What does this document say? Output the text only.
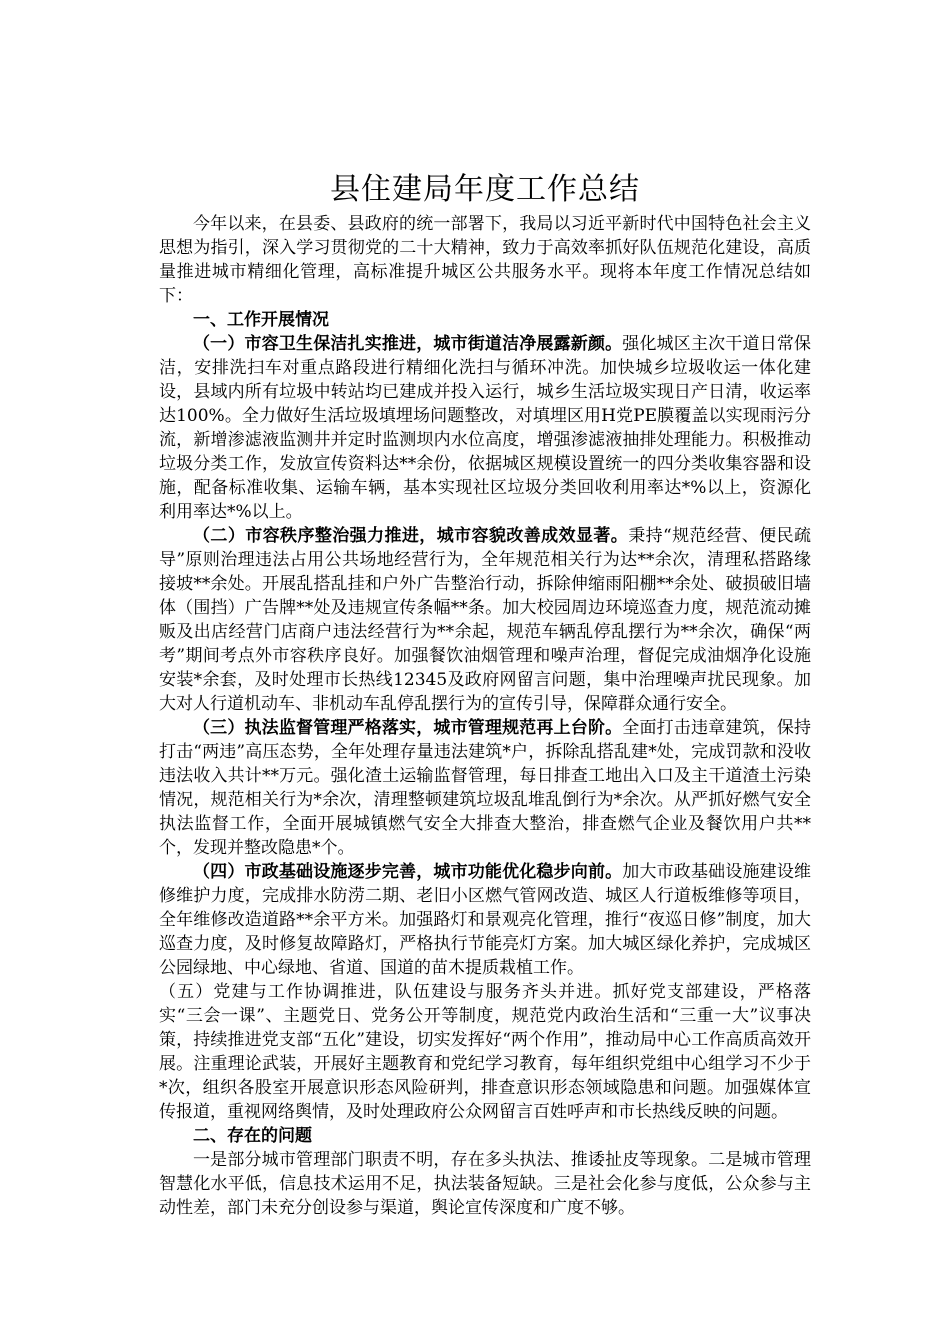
县住建局年度工作总结

今年以来，在县委、县政府的统一部署下，我局以习近平新时代中国特色社会主义思想为指引，深入学习贯彻党的二十大精神，致力于高效率抓好队伍规范化建设，高质量推进城市精细化管理，高标准提升城区公共服务水平。现将本年度工作情况总结如下：

一、工作开展情况

（一）市容卫生保洁扎实推进，城市街道洁净展露新颜。强化城区主次干道日常保洁，安排洗扫车对重点路段进行精细化洗扫与循环冲洗。加快城乡垃圾收运一体化建设，县域内所有垃圾中转站均已建成并投入运行，城乡生活垃圾实现日产日清，收运率达100%。全力做好生活垃圾填埋场问题整改，对填埋区用H党PE膜覆盖以实现雨污分流，新增渗滤液监测井并定时监测坝内水位高度，增强渗滤液抽排处理能力。积极推动垃圾分类工作，发放宣传资料达**余份，依据城区规模设置统一的四分类收集容器和设施，配备标准收集、运输车辆，基本实现社区垃圾分类回收利用率达*%以上，资源化利用率达*%以上。

（二）市容秩序整治强力推进，城市容貌改善成效显著。秉持“规范经营、便民疏导”原则治理违法占用公共场地经营行为，全年规范相关行为达**余次，清理私搭路缘接坡**余处。开展乱搭乱挂和户外广告整治行动，拆除伸缩雨阳棚**余处、破损破旧墙体（围挡）广告牌**处及违规宣传条幅**条。加大校园周边环境巡查力度，规范流动摊贩及出店经营门店商户违法经营行为**余起，规范车辆乱停乱摆行为**余次，确保“两考”期间考点外市容秩序良好。加强餐饮油烟管理和噪声治理，督促完成油烟净化设施安装*余套，及时处理市长热线12345及政府网留言问题，集中治理噪声扰民现象。加大对人行道机动车、非机动车乱停乱摆行为的宣传引导，保障群众通行安全。

（三）执法监督管理严格落实，城市管理规范再上台阶。全面打击违章建筑，保持打击“两违”高压态势，全年处理存量违法建筑*户，拆除乱搭乱建*处，完成罚款和没收违法收入共计**万元。强化渣土运输监督管理，每日排查工地出入口及主干道渣土污染情况，规范相关行为*余次，清理整顿建筑垃圾乱堆乱倒行为*余次。从严抓好燃气安全执法监督工作，全面开展城镇燃气安全大排查大整治，排查燃气企业及餐饮用户共**个，发现并整改隐患*个。

（四）市政基础设施逐步完善，城市功能优化稳步向前。加大市政基础设施建设维修维护力度，完成排水防涝二期、老旧小区燃气管网改造、城区人行道板维修等项目，全年维修改造道路**余平方米。加强路灯和景观亮化管理，推行“夜巡日修”制度，加大巡查力度，及时修复故障路灯，严格执行节能亮灯方案。加大城区绿化养护，完成城区公园绿地、中心绿地、省道、国道的苗木提质栽植工作。

（五）党建与工作协调推进，队伍建设与服务齐头并进。抓好党支部建设，严格落实“三会一课”、主题党日、党务公开等制度，规范党内政治生活和“三重一大”议事决策，持续推进党支部“五化”建设，切实发挥好“两个作用”，推动局中心工作高质高效开展。注重理论武装，开展好主题教育和党纪学习教育，每年组织党组中心组学习不少于*次，组织各股室开展意识形态风险研判，排查意识形态领域隐患和问题。加强媒体宣传报道，重视网络舆情，及时处理政府公众网留言百姓呼声和市长热线反映的问题。

二、存在的问题

一是部分城市管理部门职责不明，存在多头执法、推诿扯皮等现象。二是城市管理智慧化水平低，信息技术运用不足，执法装备短缺。三是社会化参与度低，公众参与主动性差，部门未充分创设参与渠道，舆论宣传深度和广度不够。
